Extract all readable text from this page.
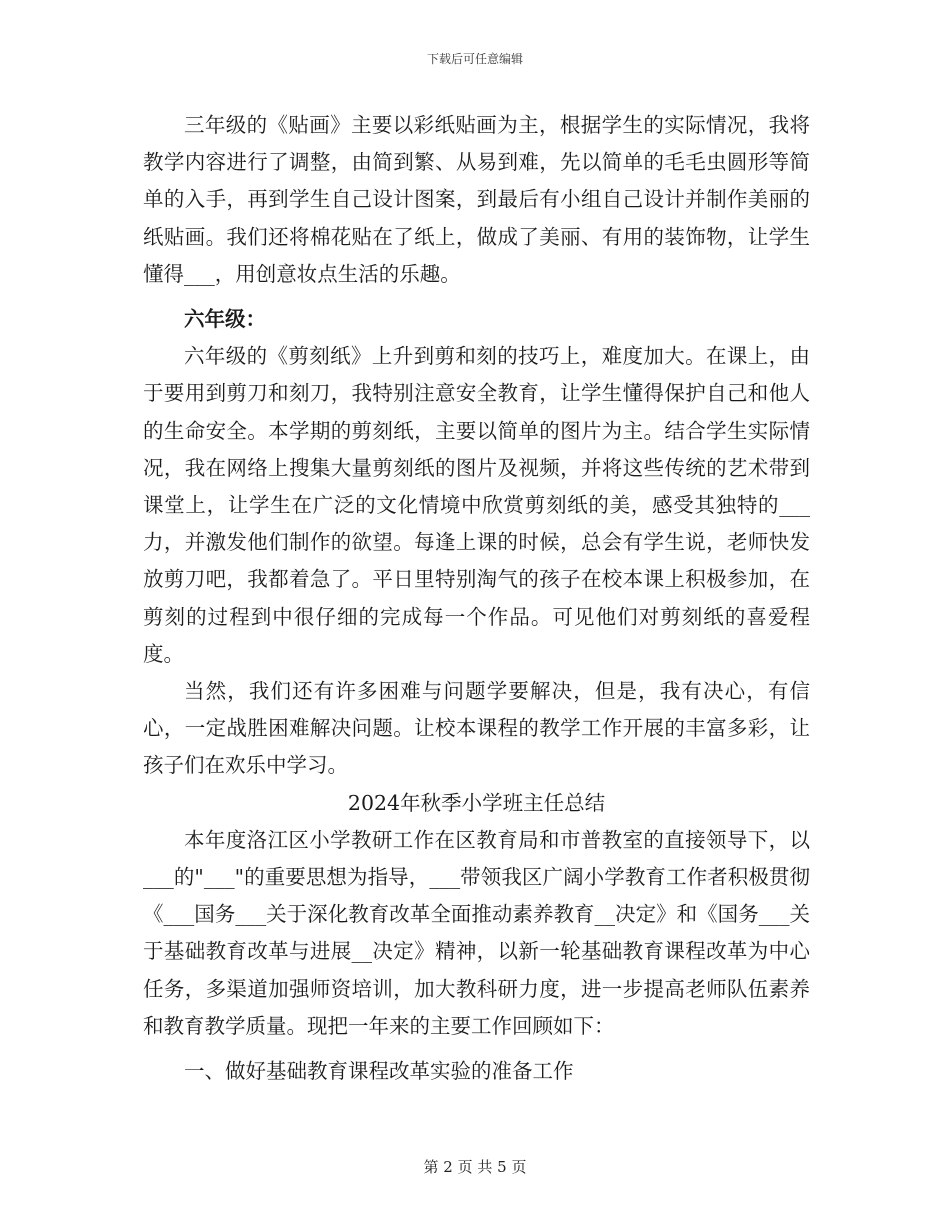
下载后可任意编辑

三年级的《贴画》主要以彩纸贴画为主，根据学生的实际情况，我将教学内容进行了调整，由简到繁、从易到难，先以简单的毛毛虫圆形等简单的入手，再到学生自己设计图案，到最后有小组自己设计并制作美丽的纸贴画。我们还将棉花贴在了纸上，做成了美丽、有用的装饰物，让学生懂得___，用创意妆点生活的乐趣。

六年级：

六年级的《剪刻纸》上升到剪和刻的技巧上，难度加大。在课上，由于要用到剪刀和刻刀，我特别注意安全教育，让学生懂得保护自己和他人的生命安全。本学期的剪刻纸，主要以简单的图片为主。结合学生实际情况，我在网络上搜集大量剪刻纸的图片及视频，并将这些传统的艺术带到课堂上，让学生在广泛的文化情境中欣赏剪刻纸的美，感受其独特的___力，并激发他们制作的欲望。每逢上课的时候，总会有学生说，老师快发放剪刀吧，我都着急了。平日里特别淘气的孩子在校本课上积极参加，在剪刻的过程到中很仔细的完成每一个作品。可见他们对剪刻纸的喜爱程度。

当然，我们还有许多困难与问题学要解决，但是，我有决心，有信心，一定战胜困难解决问题。让校本课程的教学工作开展的丰富多彩，让孩子们在欢乐中学习。

2024年秋季小学班主任总结

本年度洛江区小学教研工作在区教育局和市普教室的直接领导下，以___的"___"的重要思想为指导，___带领我区广阔小学教育工作者积极贯彻《___国务___关于深化教育改革全面推动素养教育__决定》和《国务___关于基础教育改革与进展__决定》精神，以新一轮基础教育课程改革为中心任务，多渠道加强师资培训，加大教科研力度，进一步提高老师队伍素养和教育教学质量。现把一年来的主要工作回顾如下：

一、做好基础教育课程改革实验的准备工作

第 2 页 共 5 页
